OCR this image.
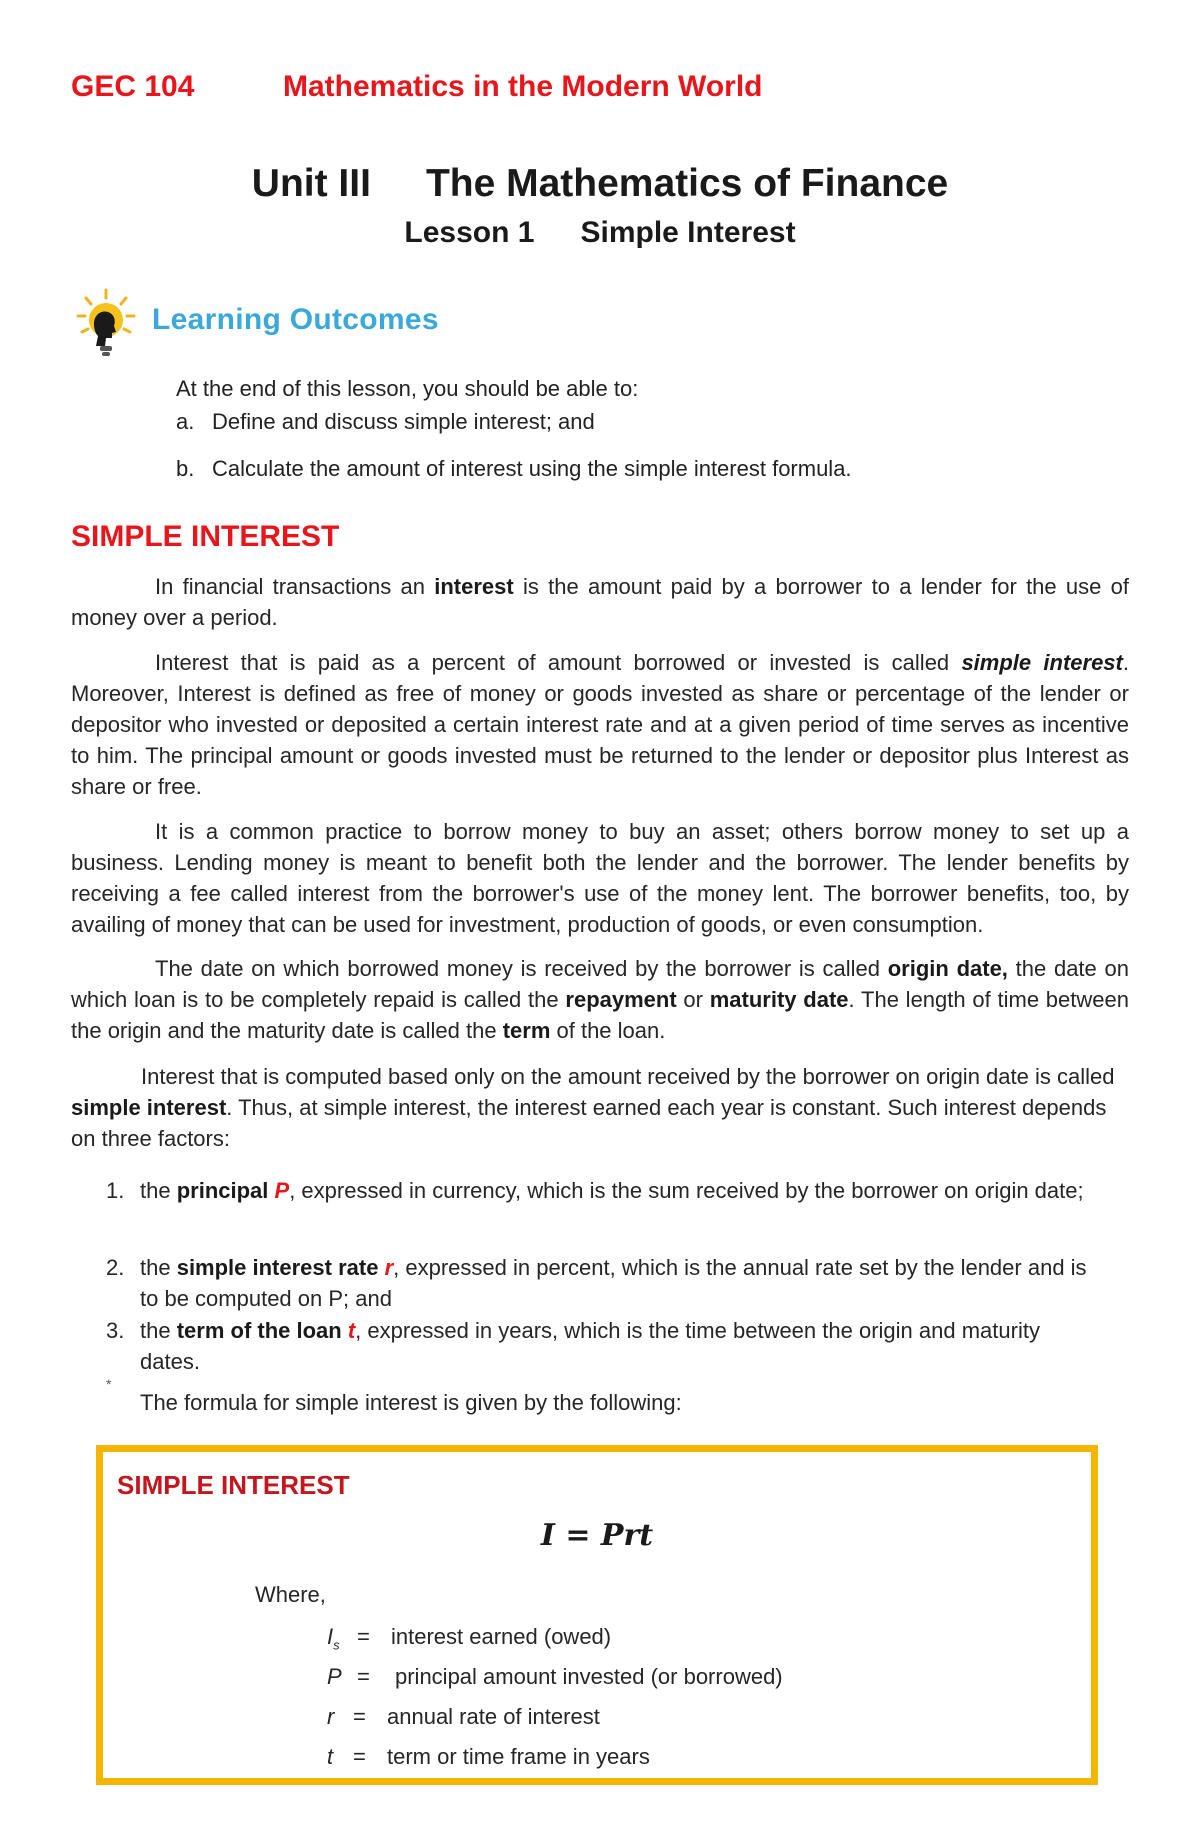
GEC 104	Mathematics in the Modern World
Unit III The Mathematics of Finance
Lesson 1 Simple Interest
Learning Outcomes
At the end of this lesson, you should be able to:
a. Define and discuss simple interest; and
b. Calculate the amount of interest using the simple interest formula.
SIMPLE INTEREST
In financial transactions an interest is the amount paid by a borrower to a lender for the use of money over a period.
Interest that is paid as a percent of amount borrowed or invested is called simple interest. Moreover, Interest is defined as free of money or goods invested as share or percentage of the lender or depositor who invested or deposited a certain interest rate and at a given period of time serves as incentive to him. The principal amount or goods invested must be returned to the lender or depositor plus Interest as share or free.
It is a common practice to borrow money to buy an asset; others borrow money to set up a business. Lending money is meant to benefit both the lender and the borrower. The lender benefits by receiving a fee called interest from the borrower's use of the money lent. The borrower benefits, too, by availing of money that can be used for investment, production of goods, or even consumption.
The date on which borrowed money is received by the borrower is called origin date, the date on which loan is to be completely repaid is called the repayment or maturity date. The length of time between the origin and the maturity date is called the term of the loan.
Interest that is computed based only on the amount received by the borrower on origin date is called simple interest. Thus, at simple interest, the interest earned each year is constant. Such interest depends on three factors:
1. the principal P, expressed in currency, which is the sum received by the borrower on origin date;
2. the simple interest rate r, expressed in percent, which is the annual rate set by the lender and is to be computed on P; and
3. the term of the loan t, expressed in years, which is the time between the origin and maturity dates.
*
The formula for simple interest is given by the following:
SIMPLE INTEREST
I = Prt
Where,
$I_s$ = interest earned (owed)
P = principal amount invested (or borrowed)
r = annual rate of interest
t = term or time frame in years
